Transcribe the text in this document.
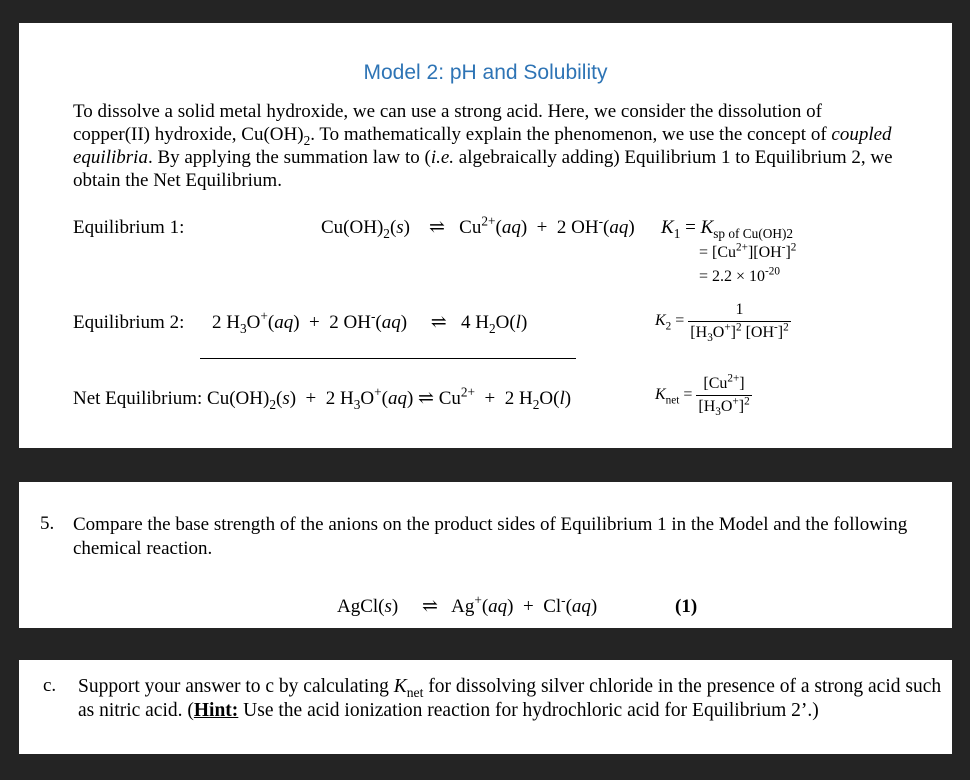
Model 2: pH and Solubility
To dissolve a solid metal hydroxide, we can use a strong acid. Here, we consider the dissolution of copper(II) hydroxide, $Cu(OH)_2$. To mathematically explain the phenomenon, we use the concept of coupled equilibria. By applying the summation law to (i.e. algebraically adding) Equilibrium 1 to Equilibrium 2, we obtain the Net Equilibrium.
Equilibrium 1:	$Cu(OH)_2(s)$    ⇌   $Cu^{2+}(aq) + 2$ OH-(aq) $K_1 = K_{sp of Cu(OH)2}$
= $[Cu^{2+}][OH^-]^2$
= $2.2 \times 10^{-20}$
Equilibrium 2: 2 $H_3O^+(aq) + 2$ OH-(aq)     ⇌   4 $H_2O(l)$	$K_2 = \frac{1}{[H_3O^+]^2 [OH^-]^2}$
Net Equilibrium: $Cu(OH)_2(s) + 2$ $H_3O^+(aq)$ ⇌ $Cu^{2+} + 2$ $H_2O(l)$	$K_{net} = \frac{[Cu^{2+}]}{[H_3O^+]^2}$
5. Compare the base strength of the anions on the product sides of Equilibrium 1 in the Model and the following chemical reaction.
AgCl(s)     ⇌   Ag+(aq)  +  Cl-(aq)	(1)
c. Support your answer to c by calculating $K_{net}$ for dissolving silver chloride in the presence of a strong acid such as nitric acid. (Hint: Use the acid ionization reaction for hydrochloric acid for Equilibrium 2’.)
